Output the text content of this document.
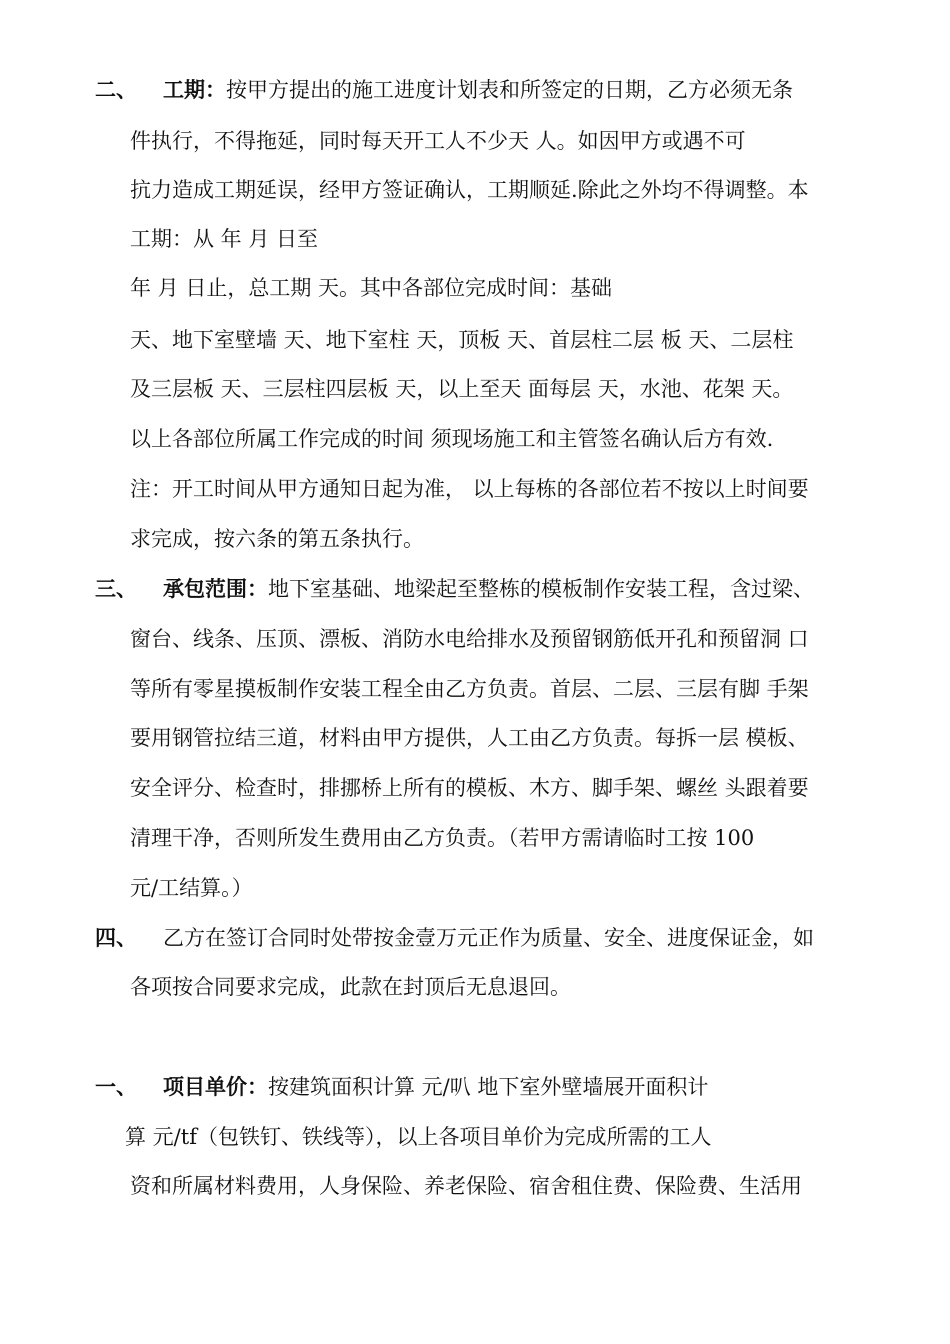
二、 工期：按甲方提出的施工进度计划表和所签定的日期，乙方必须无条
件执行，不得拖延，同时每天开工人不少天 人。如因甲方或遇不可
抗力造成工期延误，经甲方签证确认，工期顺延.除此之外均不得调整。本
工期：从 年 月 日至
年 月 日止，总工期 天。其中各部位完成时间：基础
天、地下室壁墙 天、地下室柱 天，顶板 天、首层柱二层 板 天、二层柱
及三层板 天、三层柱四层板 天，以上至天 面每层 天，水池、花架 天。
以上各部位所属工作完成的时间 须现场施工和主管签名确认后方有效.
注：开工时间从甲方通知日起为准， 以上每栋的各部位若不按以上时间要
求完成，按六条的第五条执行。
三、 承包范围：地下室基础、地梁起至整栋的模板制作安装工程，含过梁、
窗台、线条、压顶、漂板、消防水电给排水及预留钢筋低开孔和预留洞 口
等所有零星摸板制作安装工程全由乙方负责。首层、二层、三层有脚 手架
要用钢管拉结三道，材料由甲方提供，人工由乙方负责。每拆一层 模板、
安全评分、检查时，排挪桥上所有的模板、木方、脚手架、螺丝 头跟着要
清理干净，否则所发生费用由乙方负责。（若甲方需请临时工按 100
元/工结算。）
四、 乙方在签订合同时处带按金壹万元正作为质量、安全、进度保证金，如
各项按合同要求完成，此款在封顶后无息退回。
一、 项目单价：按建筑面积计算 元/叭 地下室外壁墙展开面积计
算 元/tf（包铁钉、铁线等），以上各项目单价为完成所需的工人
资和所属材料费用，人身保险、养老保险、宿舍租住费、保险费、生活用
